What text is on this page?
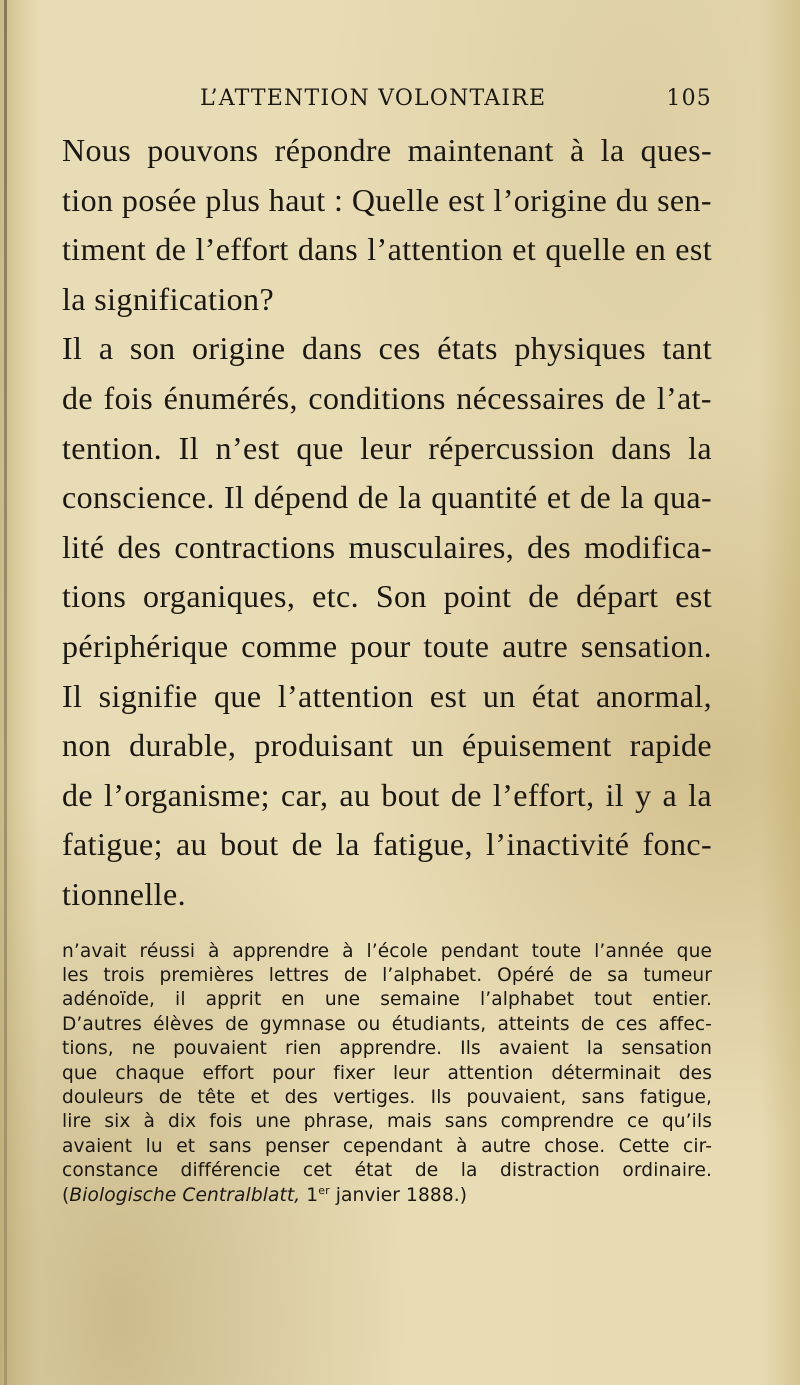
L’ATTENTION VOLONTAIRE	105
Nous pouvons répondre maintenant à la ques-
tion posée plus haut : Quelle est l’origine du sen-
timent de l’effort dans l’attention et quelle en est
la signification?
Il a son origine dans ces états physiques tant
de fois énumérés, conditions nécessaires de l’at-
tention. Il n’est que leur répercussion dans la
conscience. Il dépend de la quantité et de la qua-
lité des contractions musculaires, des modifica-
tions organiques, etc. Son point de départ est
périphérique comme pour toute autre sensation.
Il signifie que l’attention est un état anormal,
non durable, produisant un épuisement rapide
de l’organisme; car, au bout de l’effort, il y a la
fatigue; au bout de la fatigue, l’inactivité fonc-
tionnelle.
n’avait réussi à apprendre à l’école pendant toute l’année que
les trois premières lettres de l’alphabet. Opéré de sa tumeur
adénoïde, il apprit en une semaine l’alphabet tout entier.
D’autres élèves de gymnase ou étudiants, atteints de ces affec-
tions, ne pouvaient rien apprendre. Ils avaient la sensation
que chaque effort pour fixer leur attention déterminait des
douleurs de tête et des vertiges. Ils pouvaient, sans fatigue,
lire six à dix fois une phrase, mais sans comprendre ce qu’ils
avaient lu et sans penser cependant à autre chose. Cette cir-
constance différencie cet état de la distraction ordinaire.
(Biologische Centralblatt, 1er janvier 1888.)
